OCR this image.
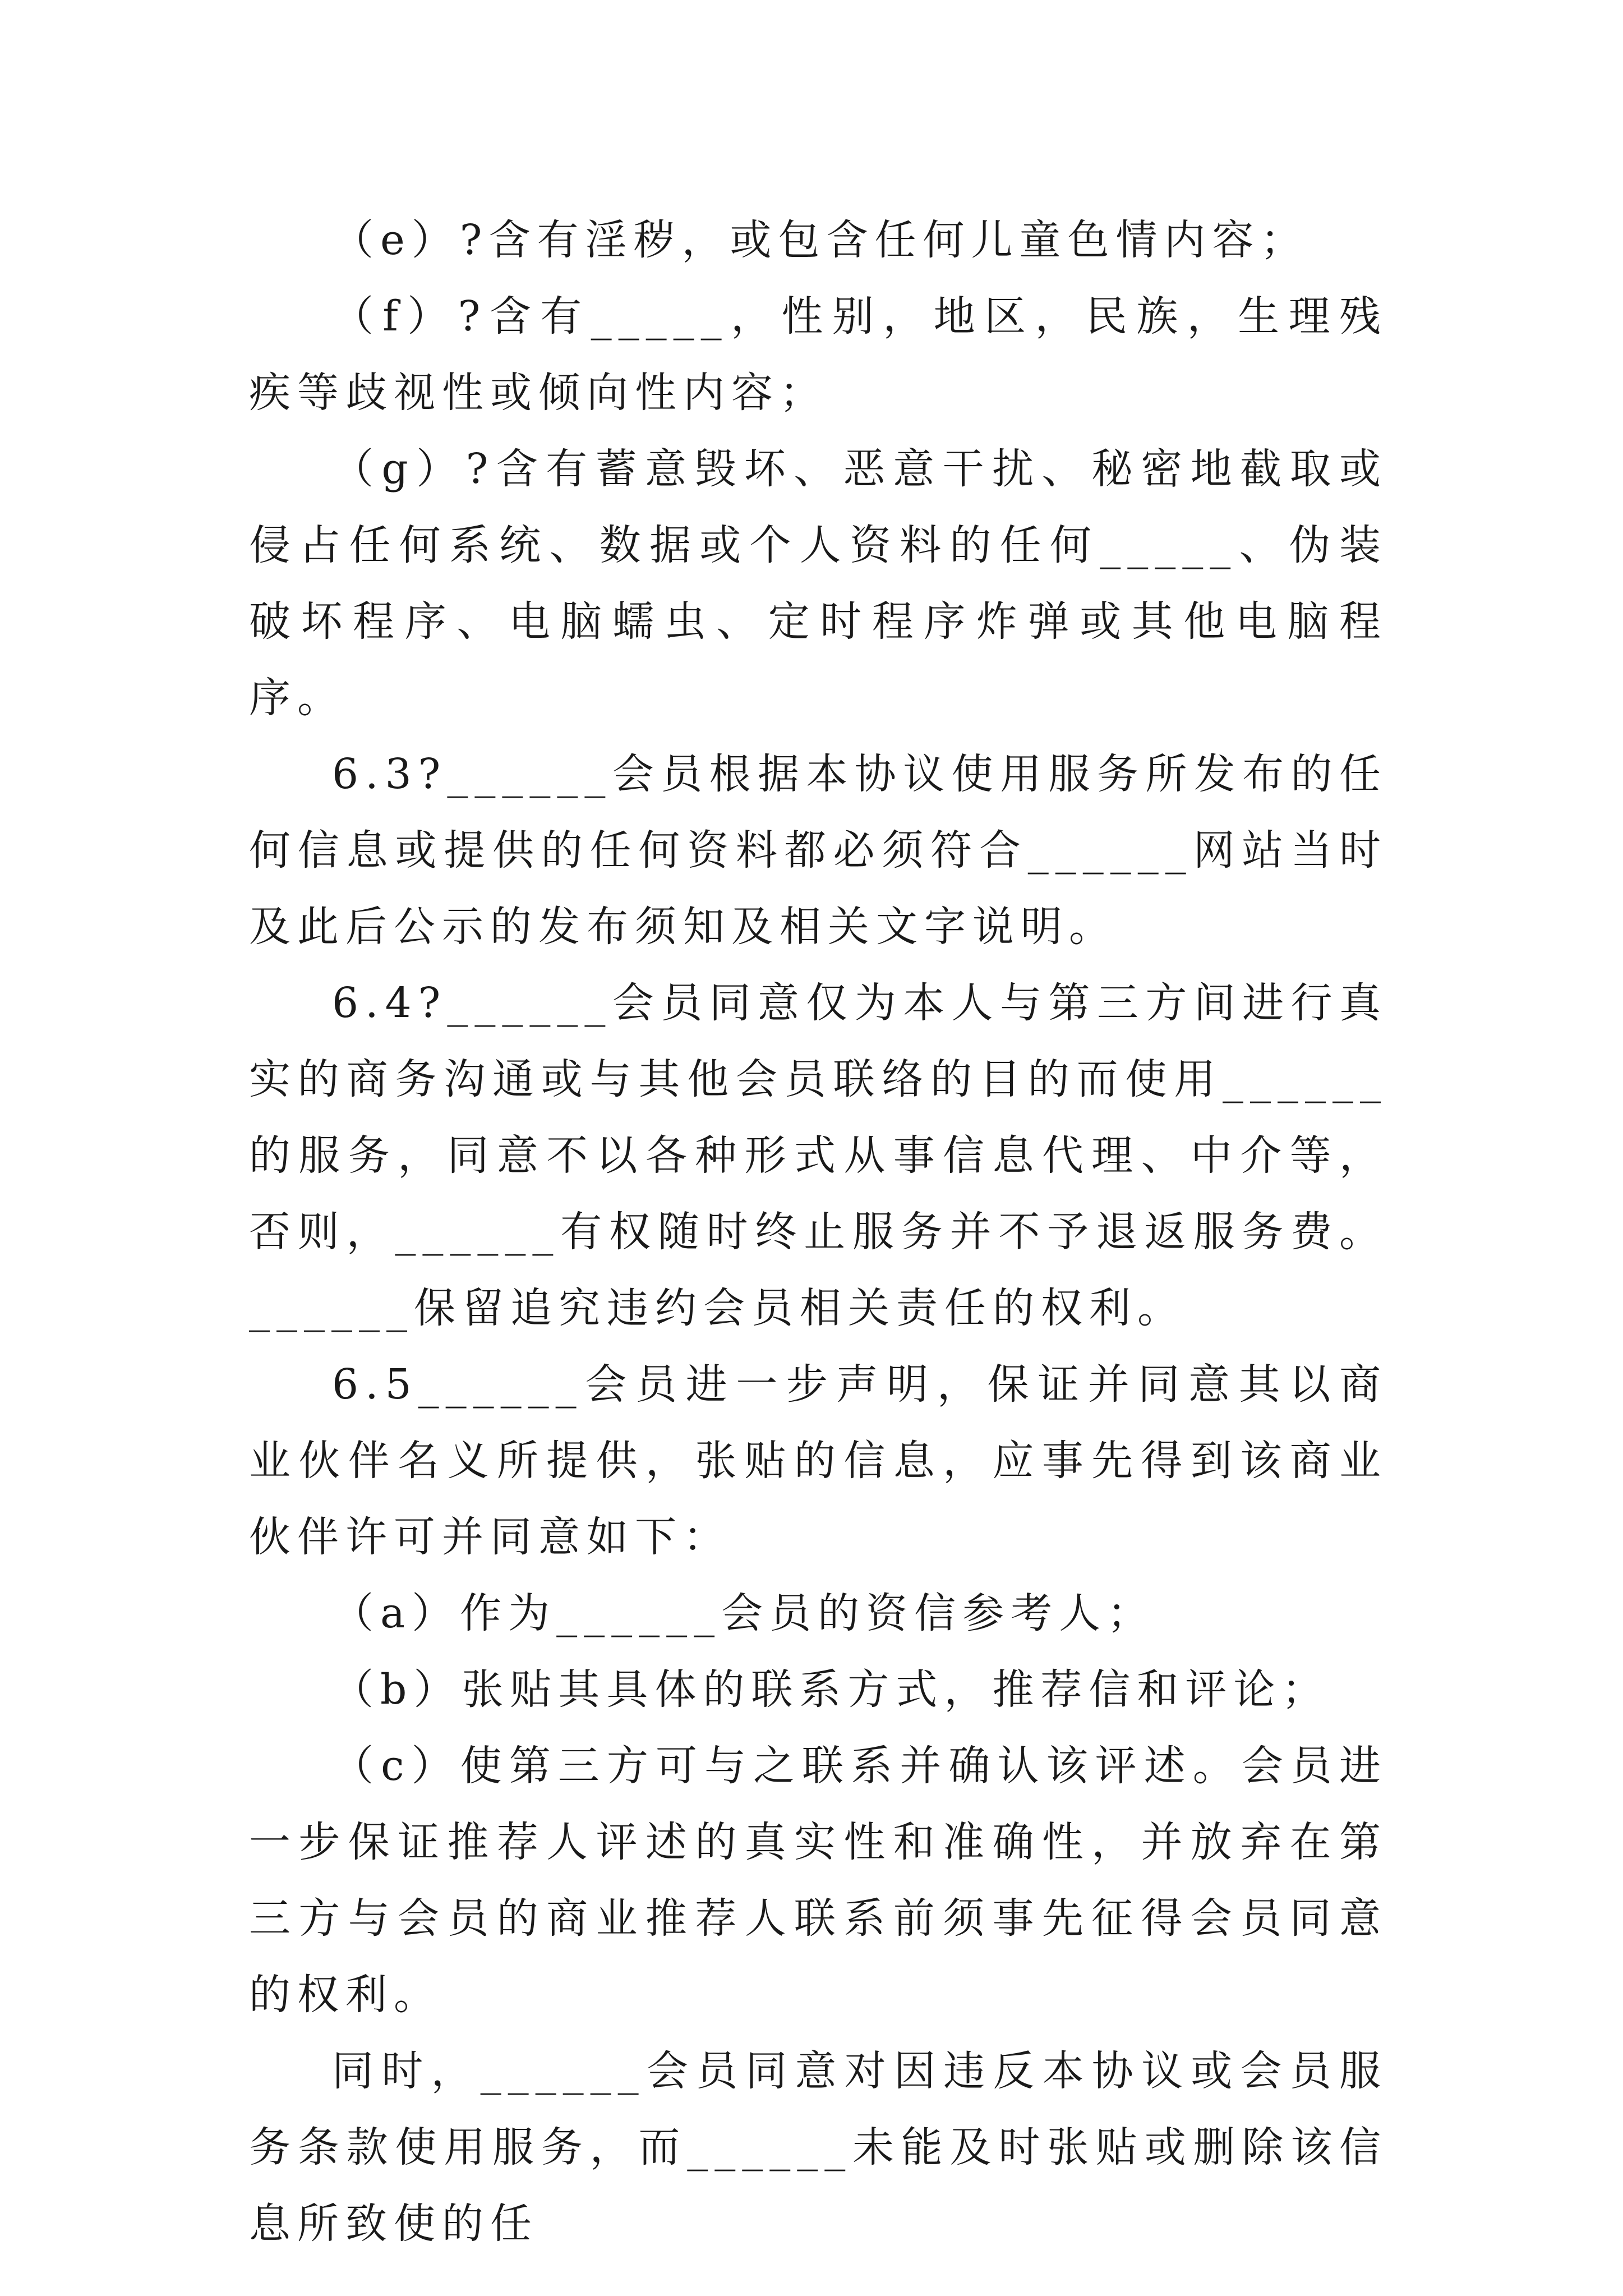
（e）?含有淫秽，或包含任何儿童色情内容；

（f）?含有_____，性别，地区，民族，生理残疾等歧视性或倾向性内容；

（g）?含有蓄意毁坏、恶意干扰、秘密地截取或侵占任何系统、数据或个人资料的任何_____、伪装破坏程序、电脑蠕虫、定时程序炸弹或其他电脑程序。

6.3?______会员根据本协议使用服务所发布的任何信息或提供的任何资料都必须符合______网站当时及此后公示的发布须知及相关文字说明。

6.4?______会员同意仅为本人与第三方间进行真实的商务沟通或与其他会员联络的目的而使用______的服务，同意不以各种形式从事信息代理、中介等，否则，______有权随时终止服务并不予退返服务费。______保留追究违约会员相关责任的权利。

6.5______会员进一步声明，保证并同意其以商业伙伴名义所提供，张贴的信息，应事先得到该商业伙伴许可并同意如下：

（a）作为______会员的资信参考人；

（b）张贴其具体的联系方式，推荐信和评论；

（c）使第三方可与之联系并确认该评述。会员进一步保证推荐人评述的真实性和准确性，并放弃在第三方与会员的商业推荐人联系前须事先征得会员同意的权利。

同时，______会员同意对因违反本协议或会员服务条款使用服务，而______未能及时张贴或删除该信息所致使的任
